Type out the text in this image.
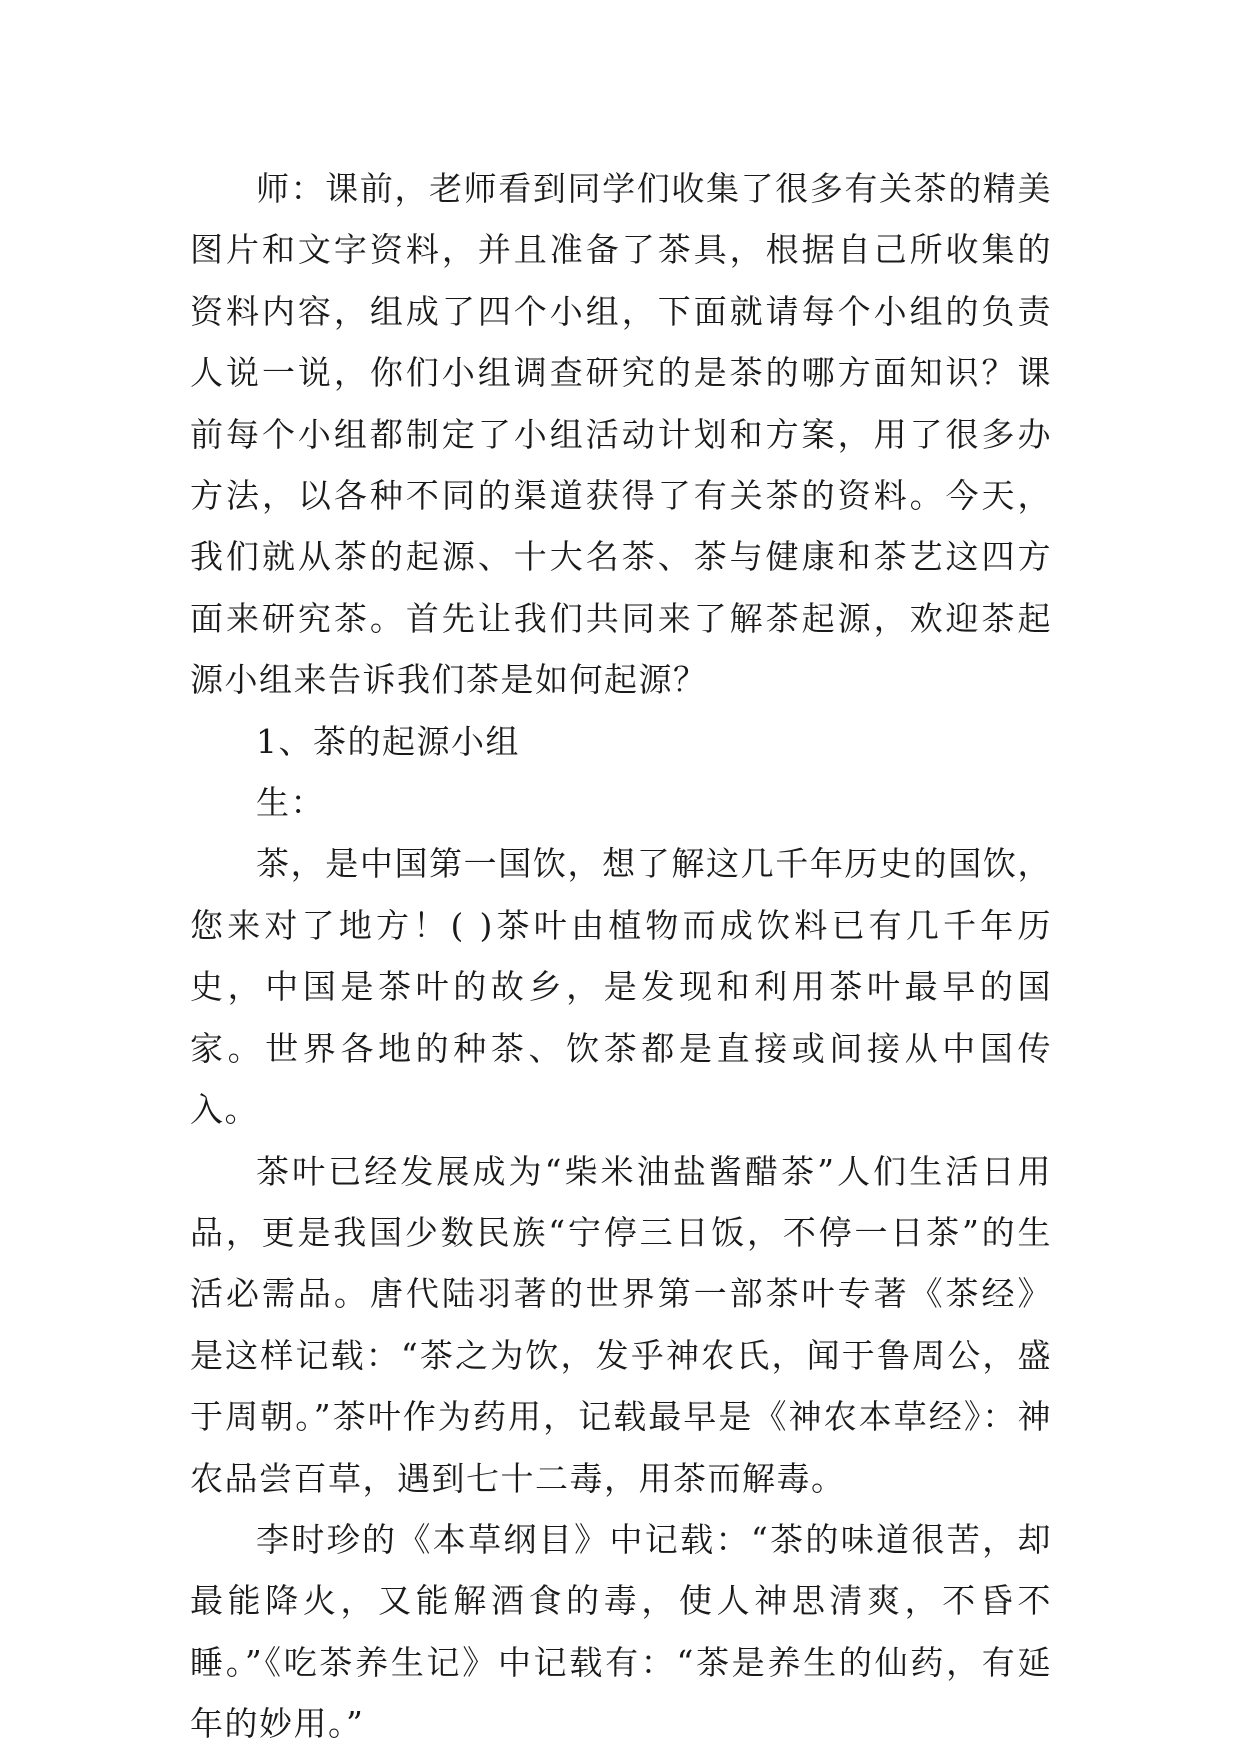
师：课前，老师看到同学们收集了很多有关茶的精美图片和文字资料，并且准备了茶具，根据自己所收集的资料内容，组成了四个小组，下面就请每个小组的负责人说一说，你们小组调查研究的是茶的哪方面知识？课前每个小组都制定了小组活动计划和方案，用了很多办方法，以各种不同的渠道获得了有关茶的资料。今天，我们就从茶的起源、十大名茶、茶与健康和茶艺这四方面来研究茶。首先让我们共同来了解茶起源，欢迎茶起源小组来告诉我们茶是如何起源？

1、茶的起源小组

生：

茶，是中国第一国饮，想了解这几千年历史的国饮，您来对了地方！( )茶叶由植物而成饮料已有几千年历史，中国是茶叶的故乡，是发现和利用茶叶最早的国家。世界各地的种茶、饮茶都是直接或间接从中国传入。

茶叶已经发展成为“柴米油盐酱醋茶”人们生活日用品，更是我国少数民族“宁停三日饭，不停一日茶”的生活必需品。唐代陆羽著的世界第一部茶叶专著《茶经》是这样记载：“茶之为饮，发乎神农氏，闻于鲁周公，盛于周朝。”茶叶作为药用，记载最早是《神农本草经》：神农品尝百草，遇到七十二毒，用茶而解毒。

李时珍的《本草纲目》中记载：“茶的味道很苦，却最能降火，又能解酒食的毒，使人神思清爽，不昏不睡。”《吃茶养生记》中记载有：“茶是养生的仙药，有延年的妙用。”
